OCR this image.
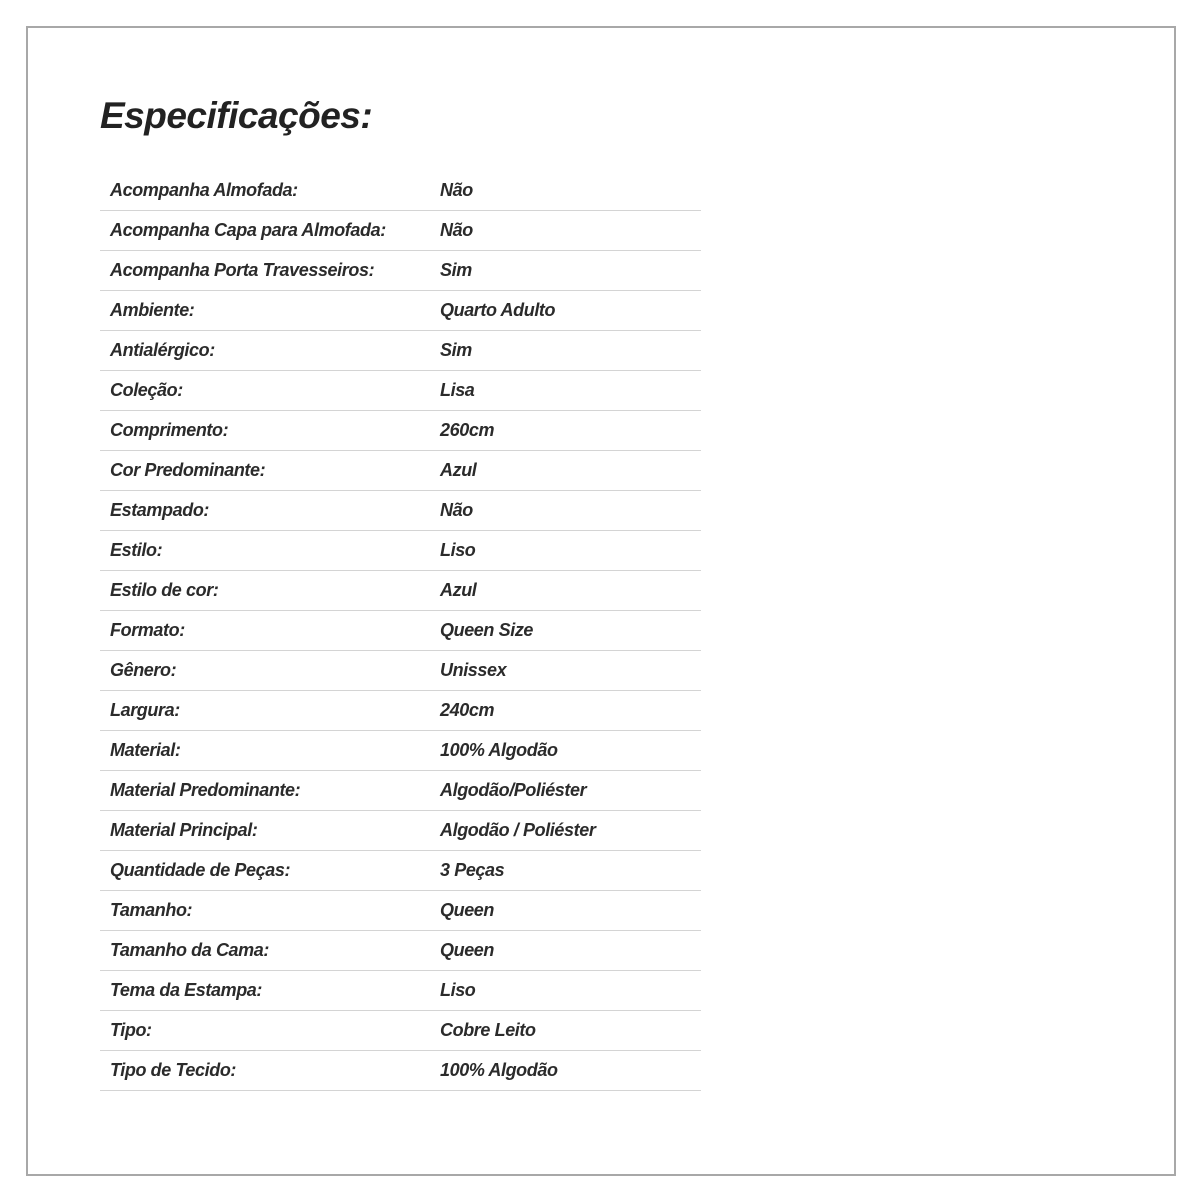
Especificações:
Acompanha Almofada:	Não
Acompanha Capa para Almofada:	Não
Acompanha Porta Travesseiros:	Sim
Ambiente:	Quarto Adulto
Antialérgico:	Sim
Coleção:	Lisa
Comprimento:	260cm
Cor Predominante:	Azul
Estampado:	Não
Estilo:	Liso
Estilo de cor:	Azul
Formato:	Queen Size
Gênero:	Unissex
Largura:	240cm
Material:	100% Algodão
Material Predominante:	Algodão/Poliéster
Material Principal:	Algodão / Poliéster
Quantidade de Peças:	3 Peças
Tamanho:	Queen
Tamanho da Cama:	Queen
Tema da Estampa:	Liso
Tipo:	Cobre Leito
Tipo de Tecido:	100% Algodão
